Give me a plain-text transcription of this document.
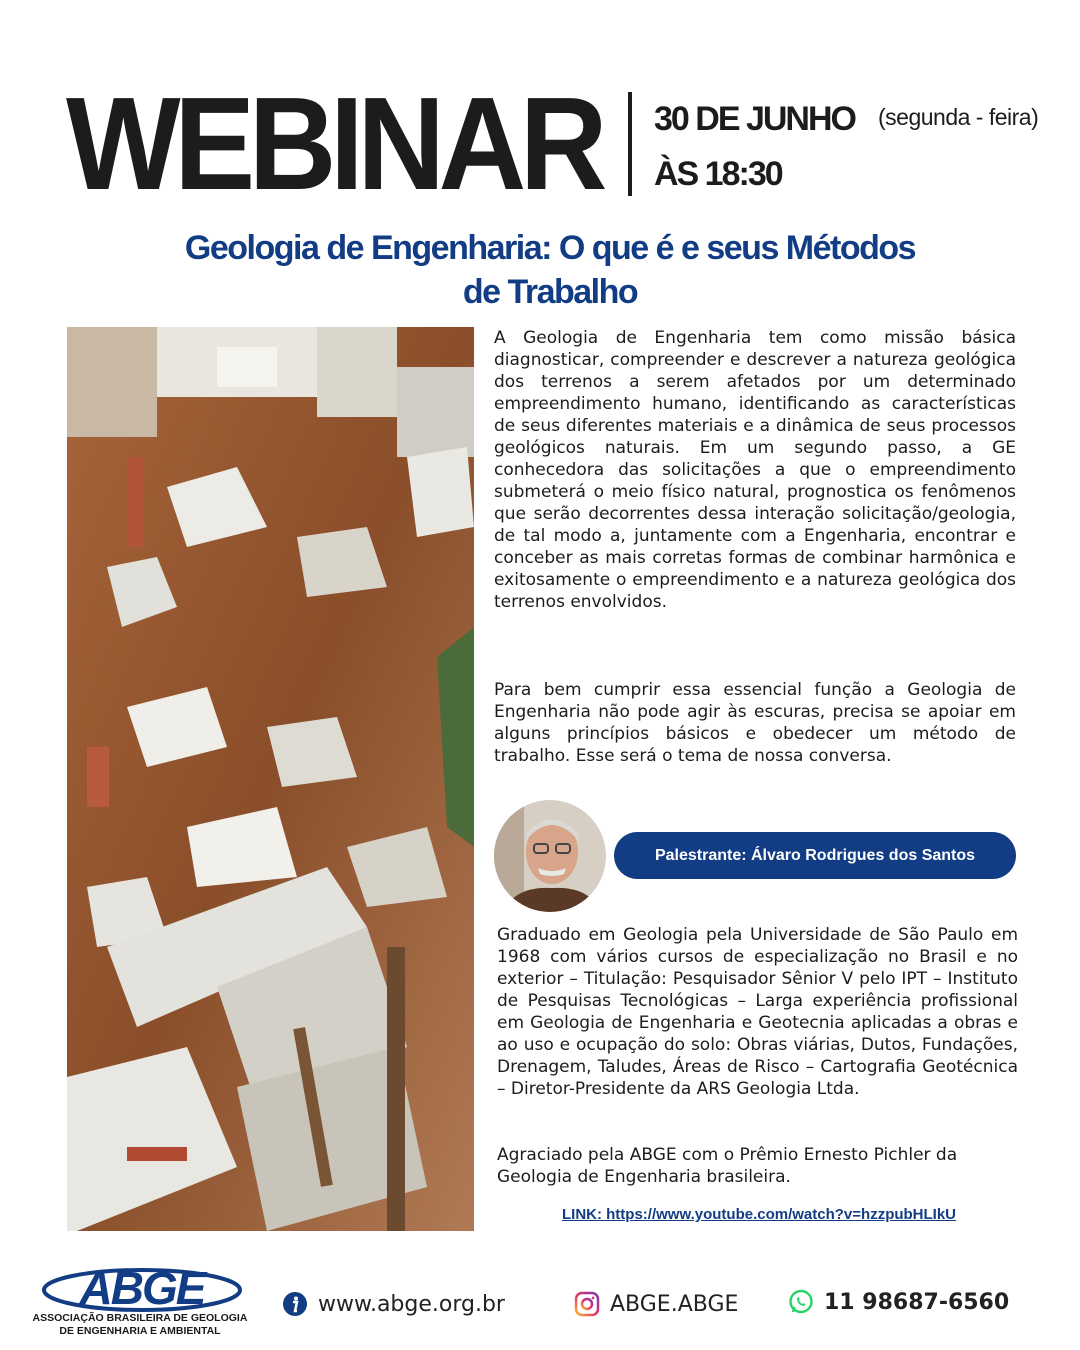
WEBINAR 30 DE JUNHO (segunda - feira)
ÀS 18:30
Geologia de Engenharia: O que é e seus Métodos
de Trabalho

A Geologia de Engenharia tem como missão básica diagnosticar, compreender e descrever a natureza geológica dos terrenos a serem afetados por um determinado empreendimento humano, identificando as características de seus diferentes materiais e a dinâmica de seus processos geológicos naturais. Em um segundo passo, a GE conhecedora das solicitações a que o empreendimento submeterá o meio físico natural, prognostica os fenômenos que serão decorrentes dessa interação solicitação/geologia, de tal modo a, juntamente com a Engenharia, encontrar e conceber as mais corretas formas de combinar harmônica e exitosamente o empreendimento e a natureza geológica dos terrenos envolvidos.

Para bem cumprir essa essencial função a Geologia de Engenharia não pode agir às escuras, precisa se apoiar em alguns princípios básicos e obedecer um método de trabalho. Esse será o tema de nossa conversa.

Palestrante: Álvaro Rodrigues dos Santos

Graduado em Geologia pela Universidade de São Paulo em 1968 com vários cursos de especialização no Brasil e no exterior – Titulação: Pesquisador Sênior V pelo IPT – Instituto de Pesquisas Tecnológicas – Larga experiência profissional em Geologia de Engenharia e Geotecnia aplicadas a obras e ao uso e ocupação do solo: Obras viárias, Dutos, Fundações, Drenagem, Taludes, Áreas de Risco – Cartografia Geotécnica – Diretor-Presidente da ARS Geologia Ltda.

Agraciado pela ABGE com o Prêmio Ernesto Pichler da Geologia de Engenharia brasileira.

LINK: https://www.youtube.com/watch?v=hzzpubHLIkU
ABGE
ASSOCIAÇÃO BRASILEIRA DE GEOLOGIA
DE ENGENHARIA E AMBIENTAL
www.abge.org.br	ABGE.ABGE	11 98687-6560
